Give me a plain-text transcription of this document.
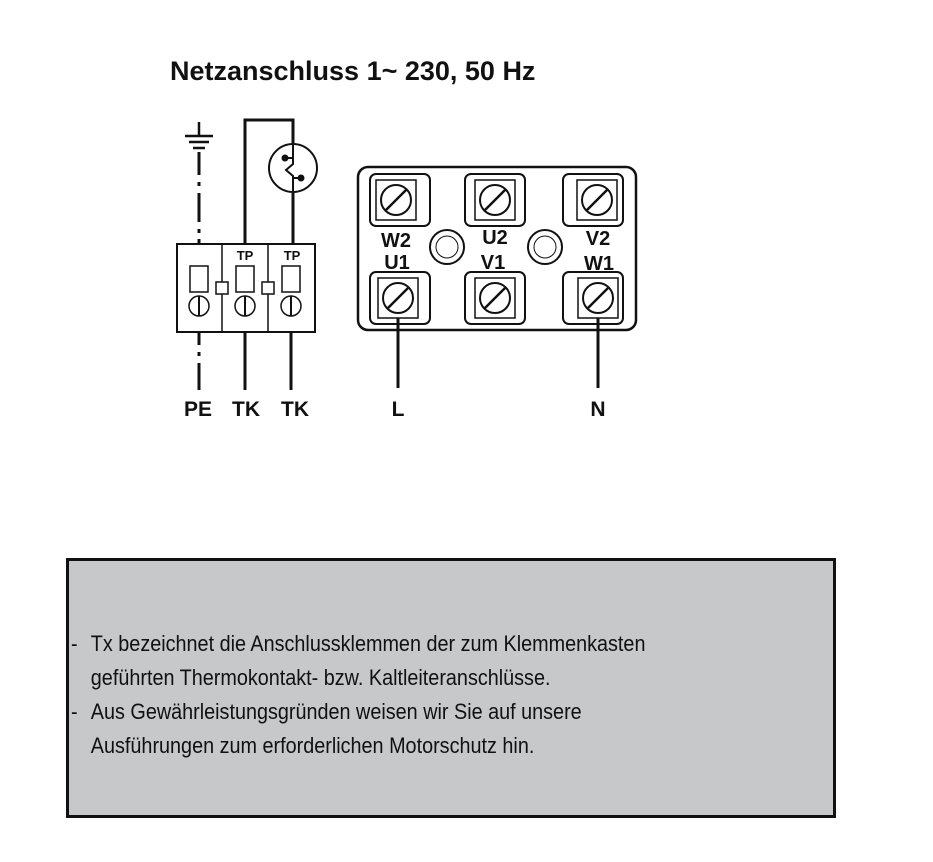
Netzanschluss 1~ 230, 50 Hz
TP TP
W2	U2	V2
U1	V1	W1
PE TK TK	L	N
- Tx bezeichnet die Anschlussklemmen der zum Klemmenkasten
geführten Thermokontakt- bzw. Kaltleiteranschlüsse.
- Aus Gewährleistungsgründen weisen wir Sie auf unsere
Ausführungen zum erforderlichen Motorschutz hin.
